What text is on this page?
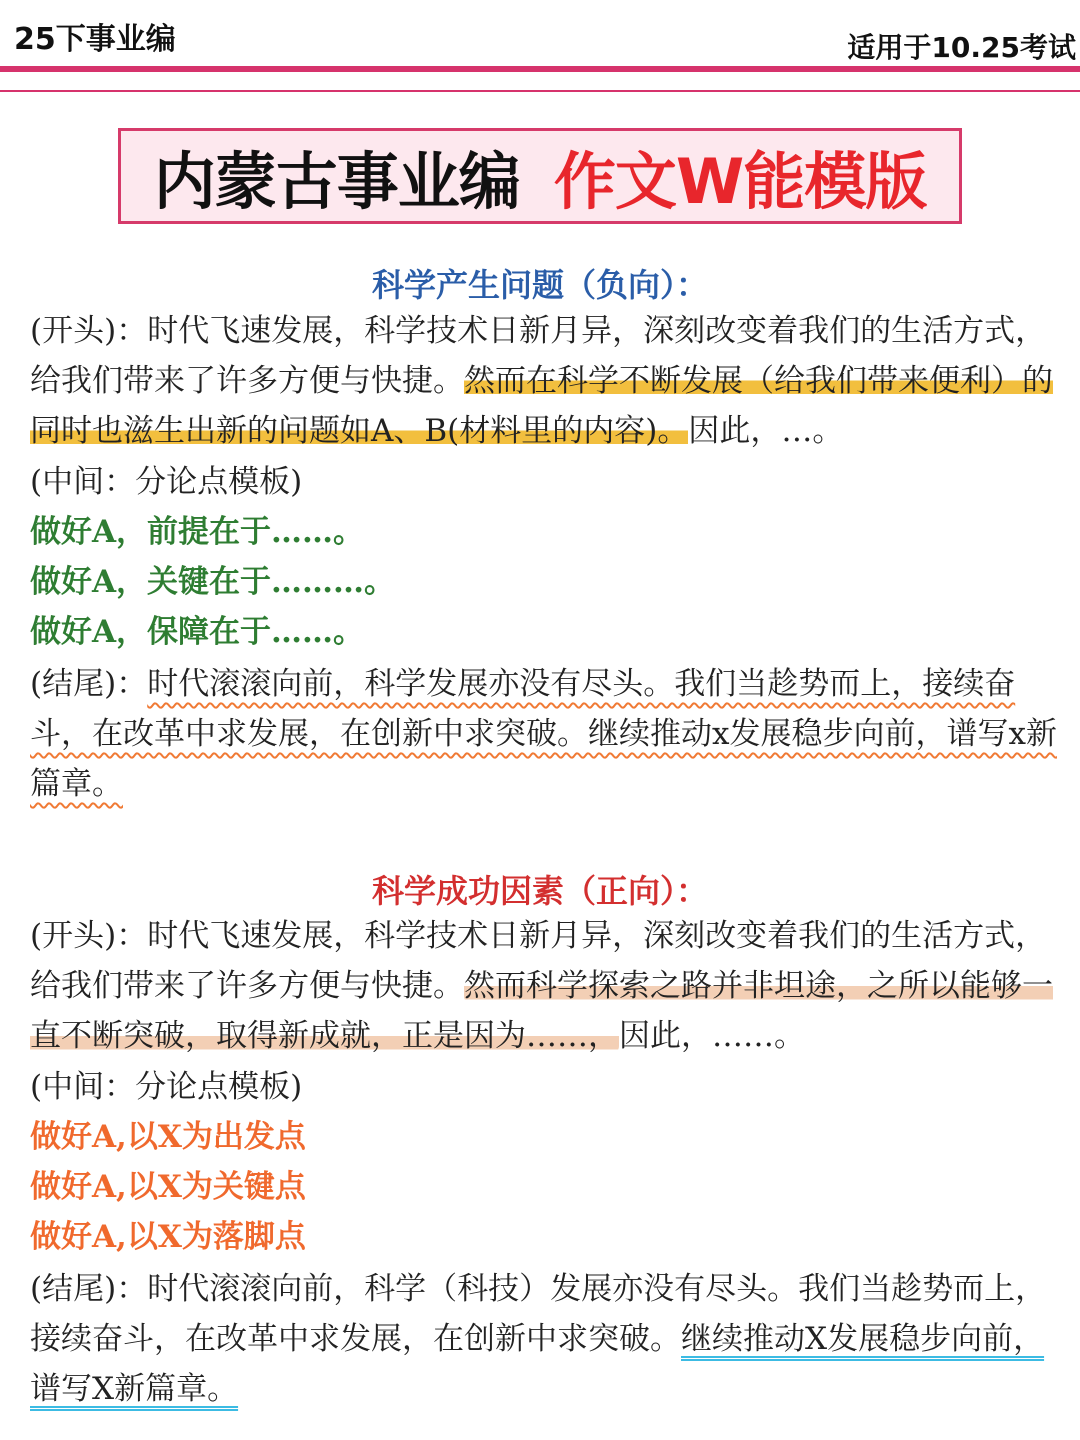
25下事业编	适用于10.25考试
内蒙古事业编 作文W能模版
科学产生问题（负向）：
(开头)：时代飞速发展，科学技术日新月异，深刻改变着我们的生活方式，给我们带来了许多方便与快捷。然而在科学不断发展（给我们带来便利）的同时也滋生出新的问题如A、B(材料里的内容)。因此，…。
(中间：分论点模板)
做好A，前提在于……。
做好A，关键在于………。
做好A，保障在于……。
(结尾)：时代滚滚向前，科学发展亦没有尽头。我们当趁势而上，接续奋斗，在改革中求发展，在创新中求突破。继续推动x发展稳步向前，谱写x新篇章。
科学成功因素（正向）：
(开头)：时代飞速发展，科学技术日新月异，深刻改变着我们的生活方式，给我们带来了许多方便与快捷。然而科学探索之路并非坦途，之所以能够一直不断突破，取得新成就，正是因为……，因此，……。
(中间：分论点模板)
做好A,以X为出发点
做好A,以X为关键点
做好A,以X为落脚点
(结尾)：时代滚滚向前，科学（科技）发展亦没有尽头。我们当趁势而上，接续奋斗，在改革中求发展，在创新中求突破。继续推动X发展稳步向前，谱写X新篇章。
